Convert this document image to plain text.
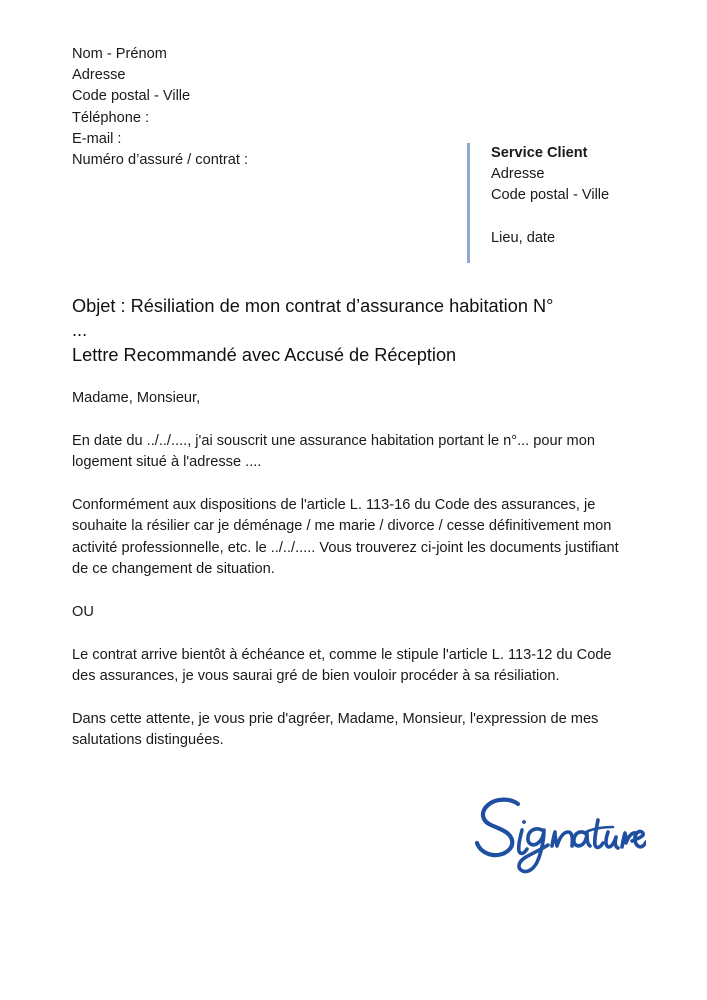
Nom - Prénom
Adresse
Code postal - Ville
Téléphone :
E-mail :
Numéro d’assuré / contrat :	Service Client
Adresse
Code postal - Ville
Lieu, date
Objet : Résiliation de mon contrat d’assurance habitation N°
...
Lettre Recommandé avec Accusé de Réception

Madame, Monsieur,

En date du ../../...., j'ai souscrit une assurance habitation portant le n°... pour mon logement situé à l'adresse ....

Conformément aux dispositions de l'article L. 113-16 du Code des assurances, je souhaite la résilier car je déménage / me marie / divorce / cesse définitivement mon activité professionnelle, etc. le ../../..... Vous trouverez ci-joint les documents justifiant de ce changement de situation.

OU

Le contrat arrive bientôt à échéance et, comme le stipule l'article L. 113-12 du Code des assurances, je vous saurai gré de bien vouloir procéder à sa résiliation.

Dans cette attente, je vous prie d'agréer, Madame, Monsieur, l'expression de mes salutations distinguées.
